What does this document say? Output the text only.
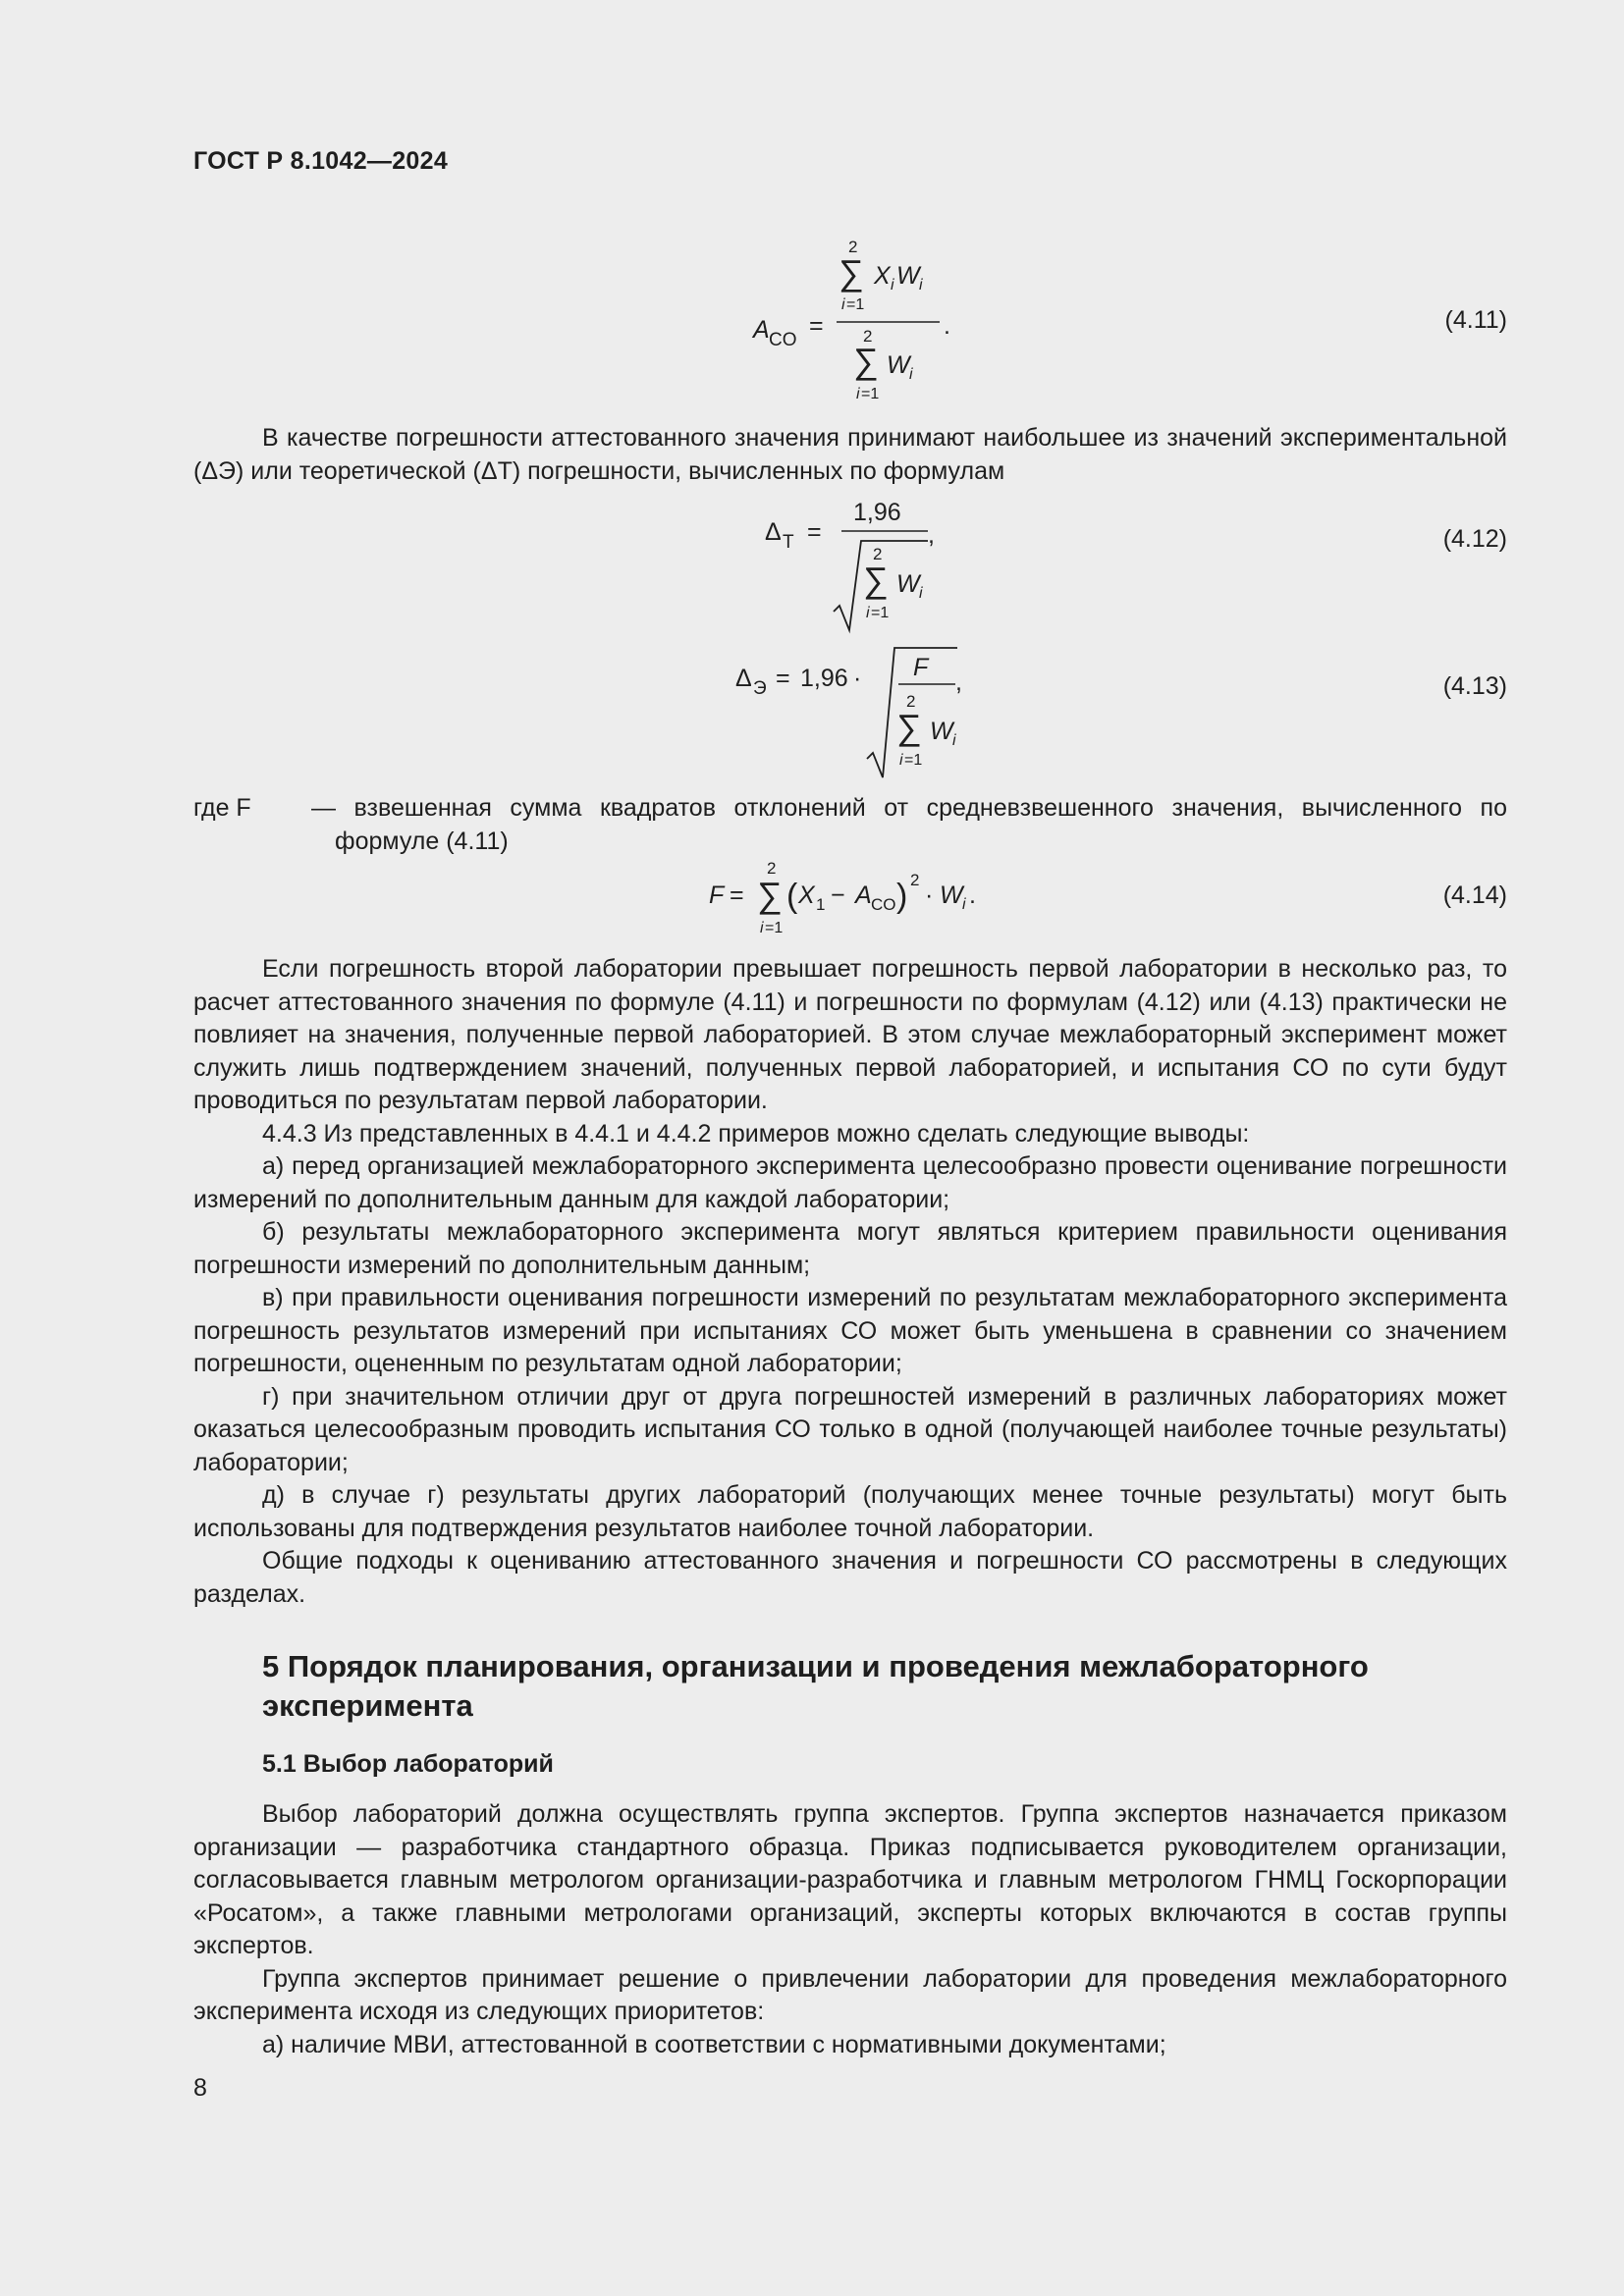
ГОСТ Р 8.1042—2024
A CO
=
2
∑
i =1
X i W i
.
2
∑
i =1
W i
(4.11)

В качестве погрешности аттестованного значения принимают наибольшее из значений экспериментальной (ΔЭ) или теоретической (ΔТ) погрешности, вычисленных по формулам

Δ Т =
1,96
,
2
∑
i =1
W i
(4.12)
Δ Э = 1,96 · F
,
2
∑
i =1
W i
(4.13)
где F — взвешенная сумма квадратов отклонений от средневзвешенного значения, вычисленного по формуле (4.11)

F =
2
∑
i =1
( X 1 − A CO ) 2
· W i .	(4.14)

Если погрешность второй лаборатории превышает погрешность первой лаборатории в несколько раз, то расчет аттестованного значения по формуле (4.11) и погрешности по формулам (4.12) или (4.13) практически не повлияет на значения, полученные первой лабораторией. В этом случае межлабораторный эксперимент может служить лишь подтверждением значений, полученных первой лабораторией, и испытания СО по сути будут проводиться по результатам первой лаборатории.

4.4.3 Из представленных в 4.4.1 и 4.4.2 примеров можно сделать следующие выводы:

а) перед организацией межлабораторного эксперимента целесообразно провести оценивание погрешности измерений по дополнительным данным для каждой лаборатории;

б) результаты межлабораторного эксперимента могут являться критерием правильности оценивания погрешности измерений по дополнительным данным;

в) при правильности оценивания погрешности измерений по результатам межлабораторного эксперимента погрешность результатов измерений при испытаниях СО может быть уменьшена в сравнении со значением погрешности, оцененным по результатам одной лаборатории;

г) при значительном отличии друг от друга погрешностей измерений в различных лабораториях может оказаться целесообразным проводить испытания СО только в одной (получающей наиболее точные результаты) лаборатории;

д) в случае г) результаты других лабораторий (получающих менее точные результаты) могут быть использованы для подтверждения результатов наиболее точной лаборатории.

Общие подходы к оцениванию аттестованного значения и погрешности СО рассмотрены в следующих разделах.

5 Порядок планирования, организации и проведения межлабораторного эксперимента
5.1 Выбор лабораторий

Выбор лабораторий должна осуществлять группа экспертов. Группа экспертов назначается приказом организации — разработчика стандартного образца. Приказ подписывается руководителем организации, согласовывается главным метрологом организации-разработчика и главным метрологом ГНМЦ Госкорпорации «Росатом», а также главными метрологами организаций, эксперты которых включаются в состав группы экспертов.

Группа экспертов принимает решение о привлечении лаборатории для проведения межлабораторного эксперимента исходя из следующих приоритетов:

а) наличие МВИ, аттестованной в соответствии с нормативными документами;

8
